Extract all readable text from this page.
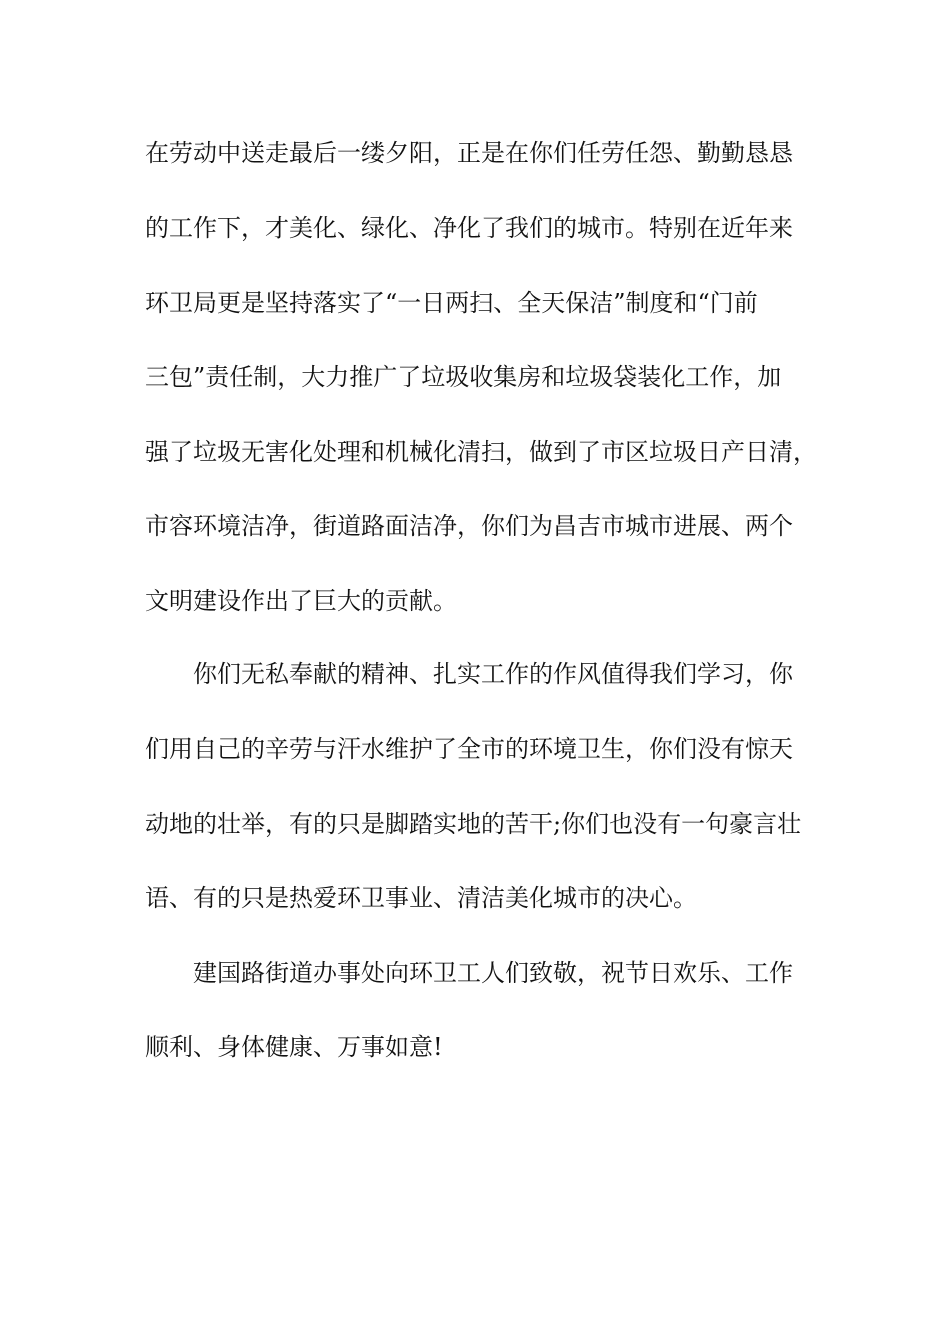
在劳动中送走最后一缕夕阳，正是在你们任劳任怨、勤勤恳恳
的工作下，才美化、绿化、净化了我们的城市。特别在近年来
环卫局更是坚持落实了“一日两扫、全天保洁”制度和“门前
三包”责任制，大力推广了垃圾收集房和垃圾袋装化工作，加
强了垃圾无害化处理和机械化清扫，做到了市区垃圾日产日清，
市容环境洁净，街道路面洁净，你们为昌吉市城市进展、两个
文明建设作出了巨大的贡献。
你们无私奉献的精神、扎实工作的作风值得我们学习，你
们用自己的辛劳与汗水维护了全市的环境卫生，你们没有惊天
动地的壮举，有的只是脚踏实地的苦干;你们也没有一句豪言壮
语、有的只是热爱环卫事业、清洁美化城市的决心。
建国路街道办事处向环卫工人们致敬，祝节日欢乐、工作
顺利、身体健康、万事如意!
